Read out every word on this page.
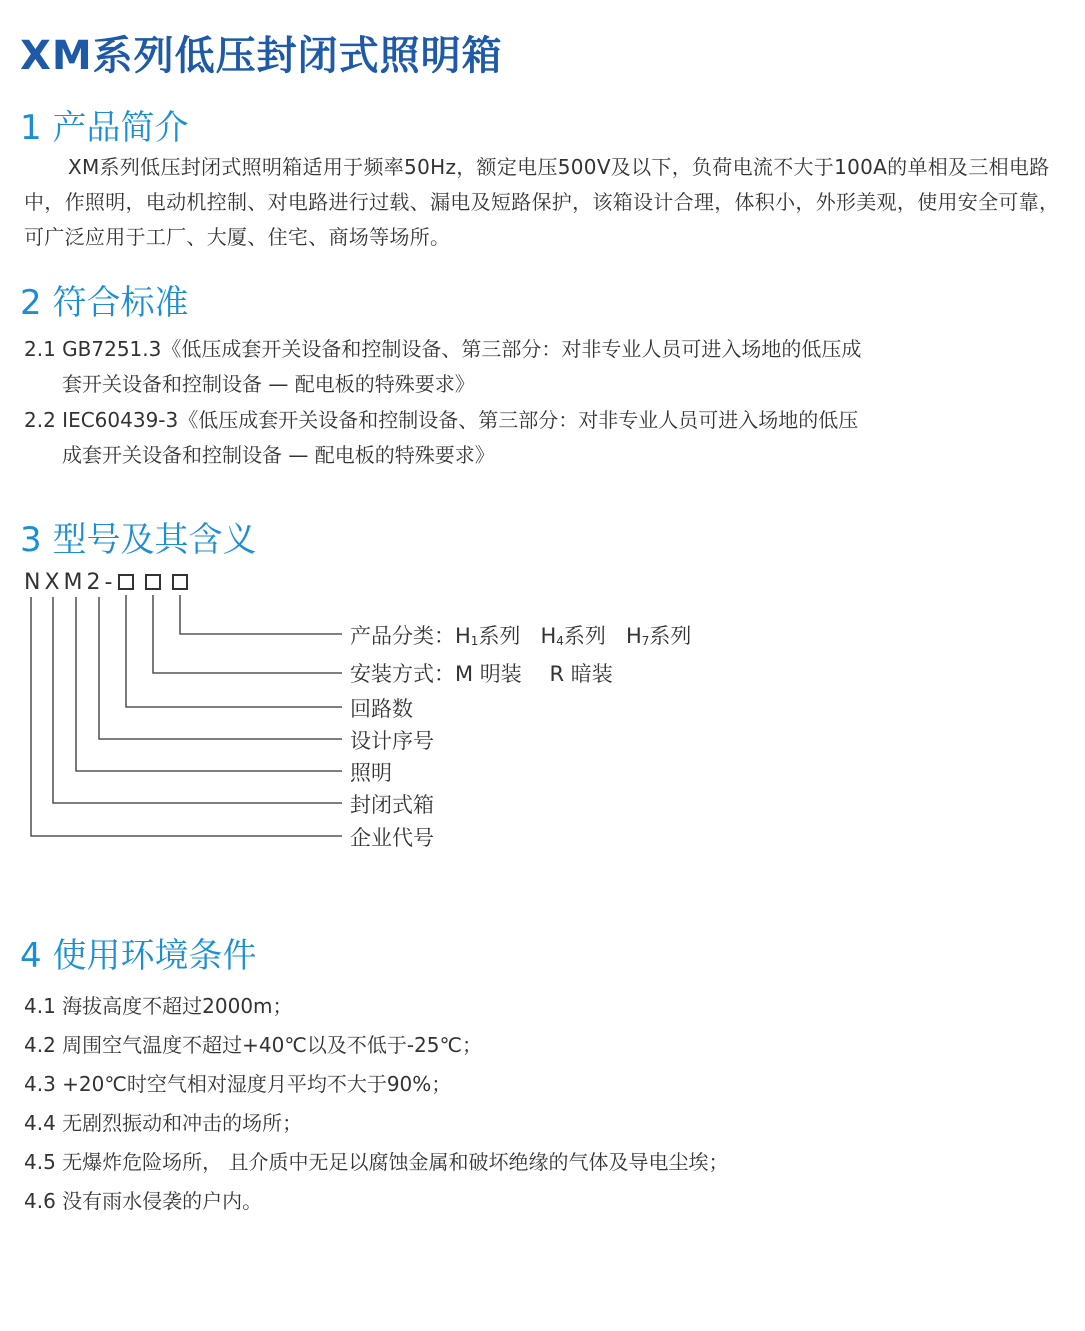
XM系列低压封闭式照明箱
1 产品简介
XM系列低压封闭式照明箱适用于频率50Hz，额定电压500V及以下，负荷电流不大于100A的单相及三相电路中，作照明，电动机控制、对电路进行过载、漏电及短路保护，该箱设计合理，体积小，外形美观，使用安全可靠，可广泛应用于工厂、大厦、住宅、商场等场所。
2 符合标准
2.1 GB7251.3《低压成套开关设备和控制设备、第三部分：对非专业人员可进入场地的低压成
套开关设备和控制设备 — 配电板的特殊要求》
2.2 IEC60439-3《低压成套开关设备和控制设备、第三部分：对非专业人员可进入场地的低压
成套开关设备和控制设备 — 配电板的特殊要求》
3 型号及其含义
NXM2-
产品分类：$H_1$系列 $H_4$系列 $H_7$系列
安装方式：M 明装　 R 暗装
回路数
设计序号
照明
封闭式箱
企业代号
4 使用环境条件
4.1 海拔高度不超过2000m；
4.2 周围空气温度不超过+40℃以及不低于-25℃；
4.3 +20℃时空气相对湿度月平均不大于90%；
4.4 无剧烈振动和冲击的场所；
4.5 无爆炸危险场所， 且介质中无足以腐蚀金属和破坏绝缘的气体及导电尘埃；
4.6 没有雨水侵袭的户内。
